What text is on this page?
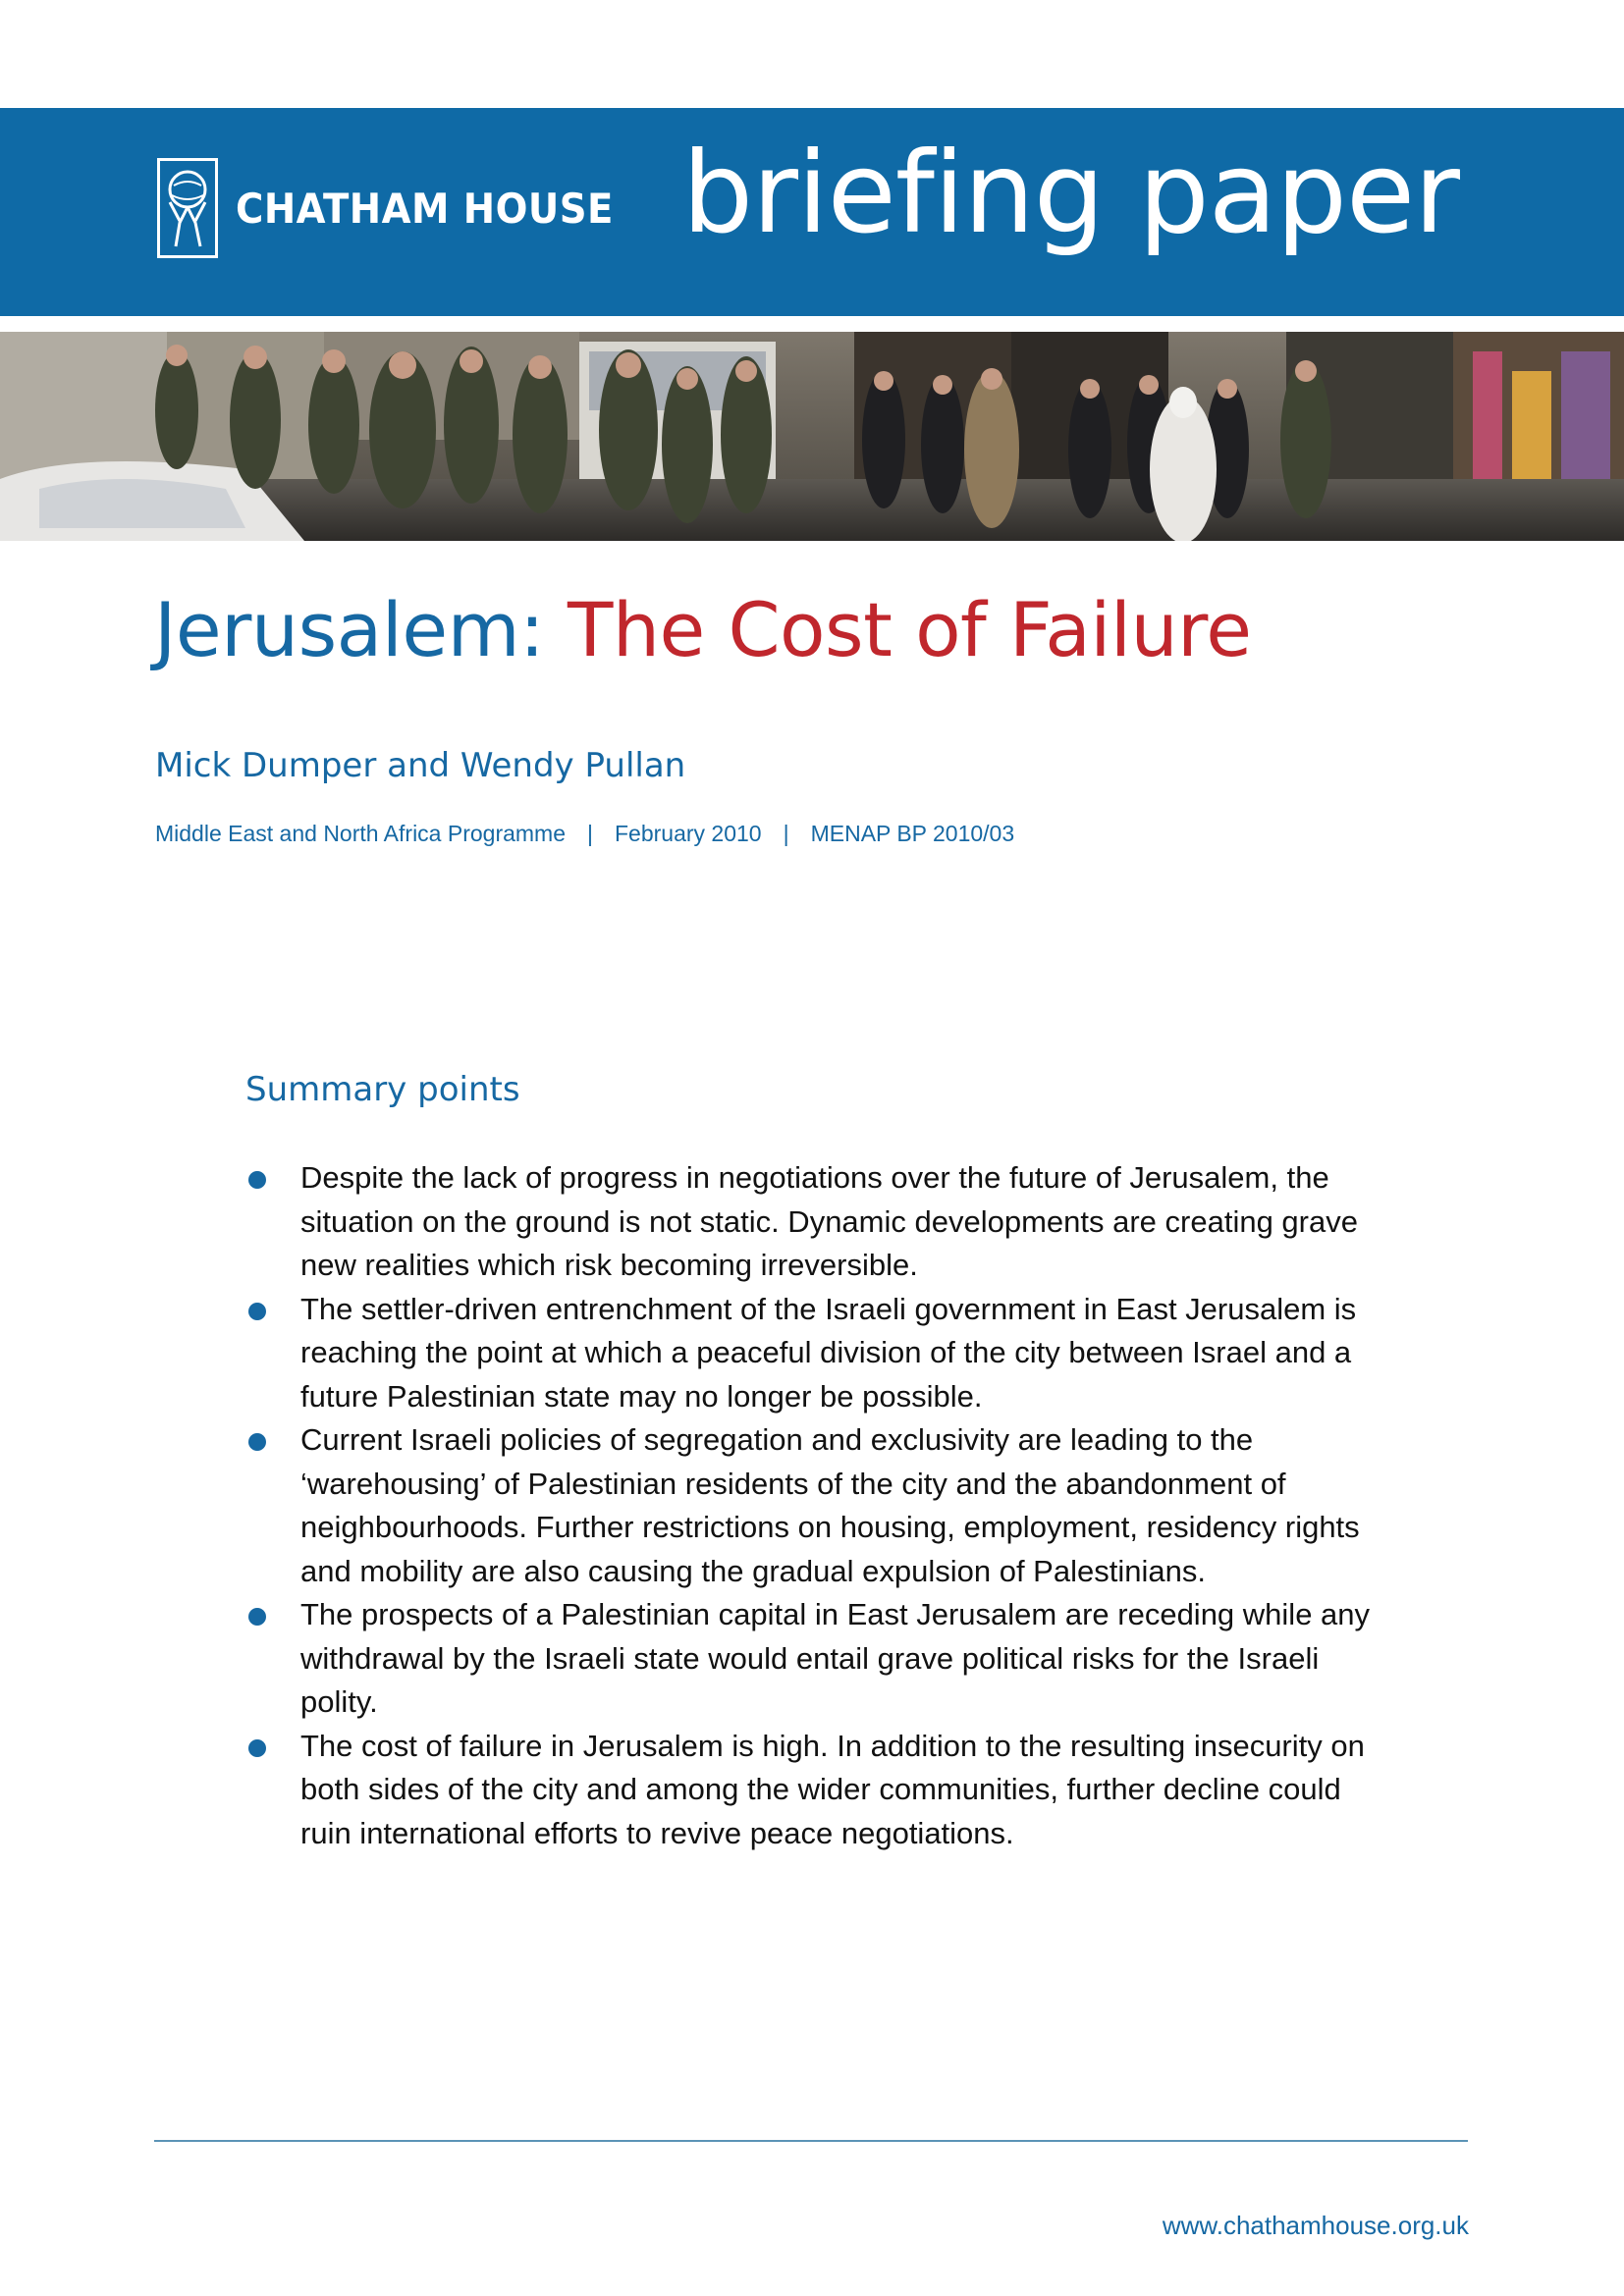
CHATHAM HOUSE briefing paper
Jerusalem: The Cost of Failure
Mick Dumper and Wendy Pullan
Middle East and North Africa Programme | February 2010 | MENAP BP 2010/03
Summary points
Despite the lack of progress in negotiations over the future of Jerusalem, the situation on the ground is not static. Dynamic developments are creating grave new realities which risk becoming irreversible.
The settler-driven entrenchment of the Israeli government in East Jerusalem is reaching the point at which a peaceful division of the city between Israel and a future Palestinian state may no longer be possible.
Current Israeli policies of segregation and exclusivity are leading to the ‘warehousing’ of Palestinian residents of the city and the abandonment of neighbourhoods. Further restrictions on housing, employment, residency rights and mobility are also causing the gradual expulsion of Palestinians.
The prospects of a Palestinian capital in East Jerusalem are receding while any withdrawal by the Israeli state would entail grave political risks for the Israeli polity.
The cost of failure in Jerusalem is high. In addition to the resulting insecurity on both sides of the city and among the wider communities, further decline could ruin international efforts to revive peace negotiations.
www.chathamhouse.org.uk
